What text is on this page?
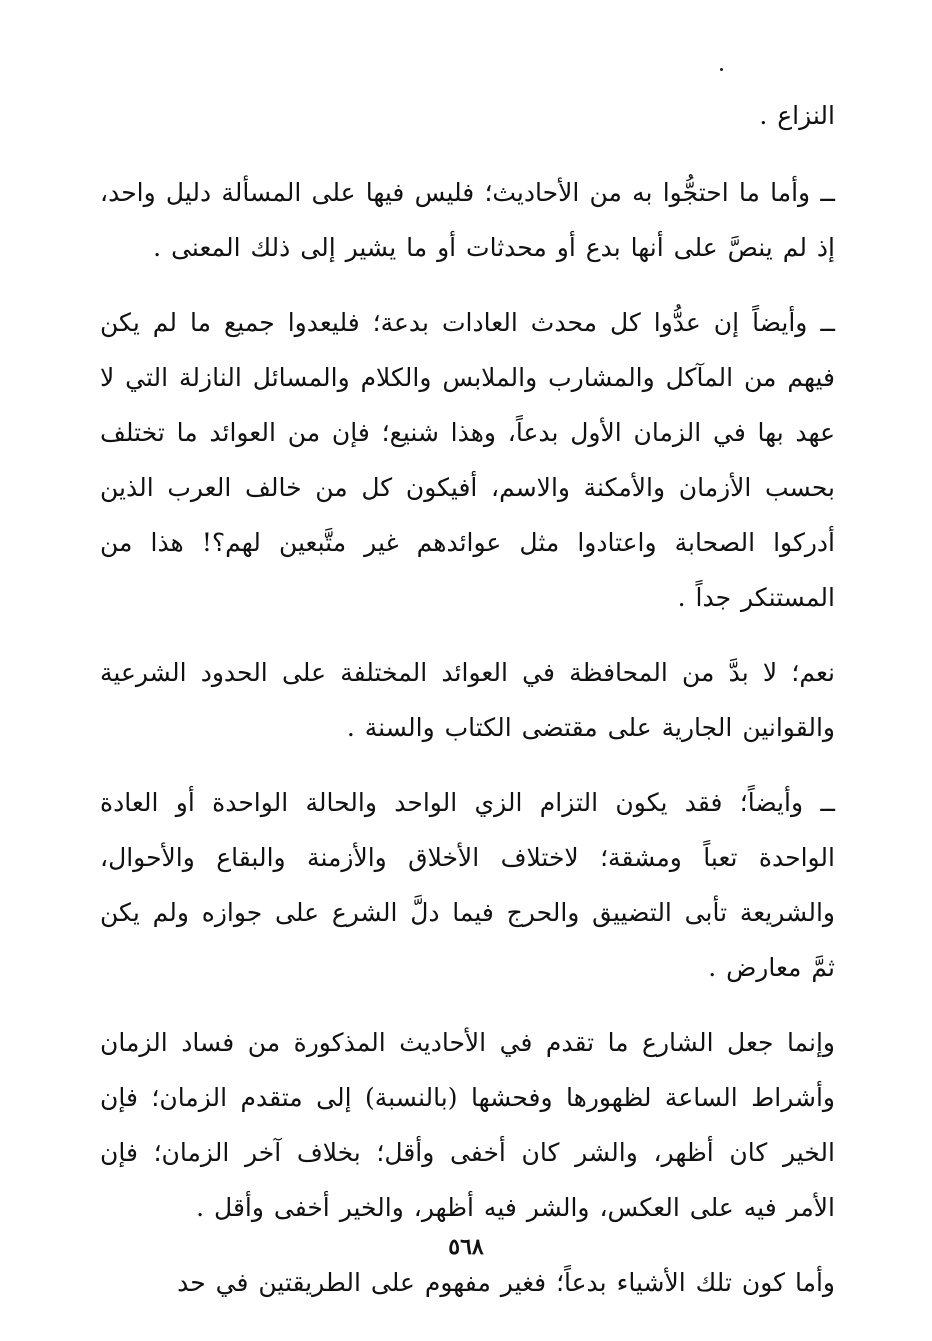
النزاع .

ــ وأما ما احتجُّوا به من الأحاديث؛ فليس فيها على المسألة دليل واحد، إذ لم ينصَّ على أنها بدع أو محدثات أو ما يشير إلى ذلك المعنى .

ــ وأيضاً إن عدُّوا كل محدث العادات بدعة؛ فليعدوا جميع ما لم يكن فيهم من المآكل والمشارب والملابس والكلام والمسائل النازلة التي لا عهد بها في الزمان الأول بدعاً، وهذا شنيع؛ فإن من العوائد ما تختلف بحسب الأزمان والأمكنة والاسم، أفيكون كل من خالف العرب الذين أدركوا الصحابة واعتادوا مثل عوائدهم غير متَّبعين لهم؟! هذا من المستنكر جداً .

نعم؛ لا بدَّ من المحافظة في العوائد المختلفة على الحدود الشرعية والقوانين الجارية على مقتضى الكتاب والسنة .

ــ وأيضاً؛ فقد يكون التزام الزي الواحد والحالة الواحدة أو العادة الواحدة تعباً ومشقة؛ لاختلاف الأخلاق والأزمنة والبقاع والأحوال، والشريعة تأبى التضييق والحرج فيما دلَّ الشرع على جوازه ولم يكن ثمَّ معارض .

وإنما جعل الشارع ما تقدم في الأحاديث المذكورة من فساد الزمان وأشراط الساعة لظهورها وفحشها (بالنسبة) إلى متقدم الزمان؛ فإن الخير كان أظهر، والشر كان أخفى وأقل؛ بخلاف آخر الزمان؛ فإن الأمر فيه على العكس، والشر فيه أظهر، والخير أخفى وأقل .

وأما كون تلك الأشياء بدعاً؛ فغير مفهوم على الطريقتين في حد

٥٦٨
